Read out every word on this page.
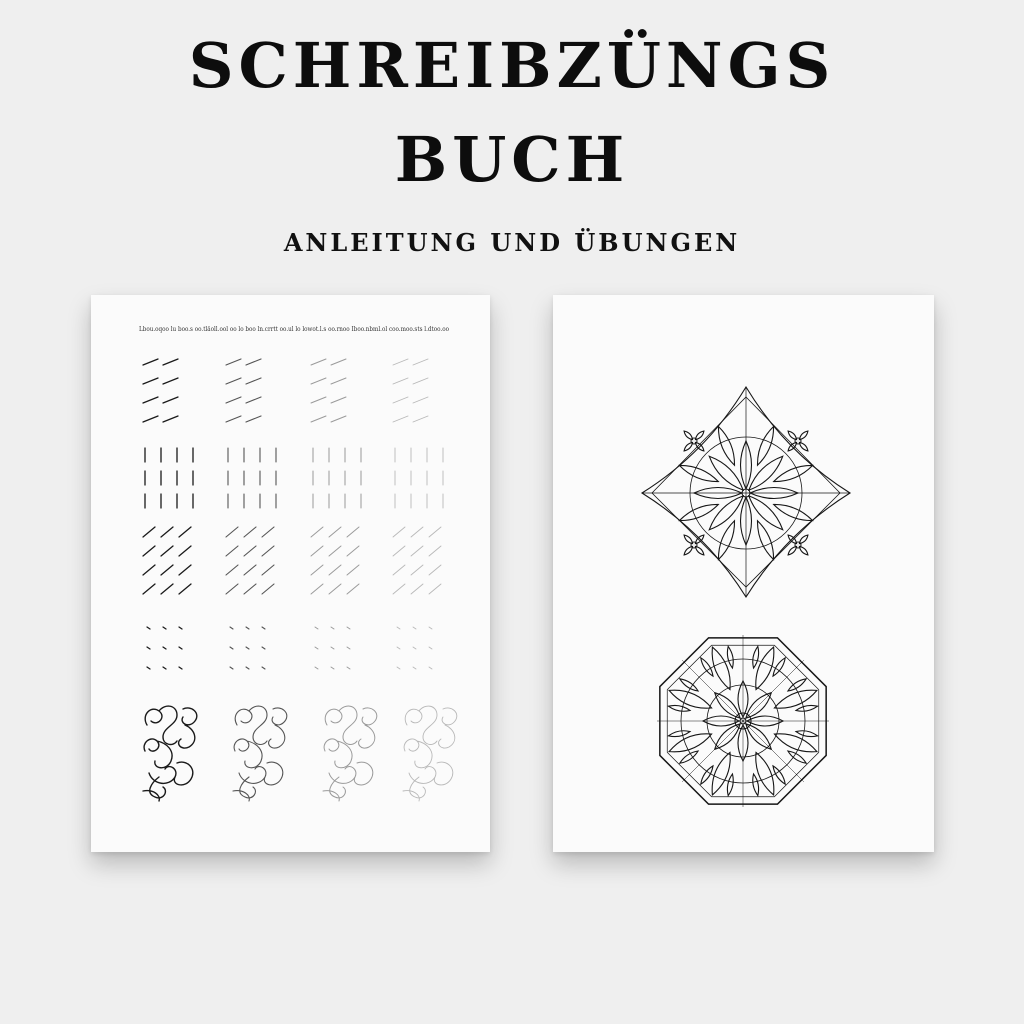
SCHREIBZÜNGS
BUCH
ANLEITUNG UND ÜBUNGEN
Lbou.oqoo lu boo.s oo.tläoll.ool oo lo boo ln.crrtt oo.ul lo lowot.l.s oo.rnoo Iboo.nbml.ol coo.moo.sts l.dtoo.oo
